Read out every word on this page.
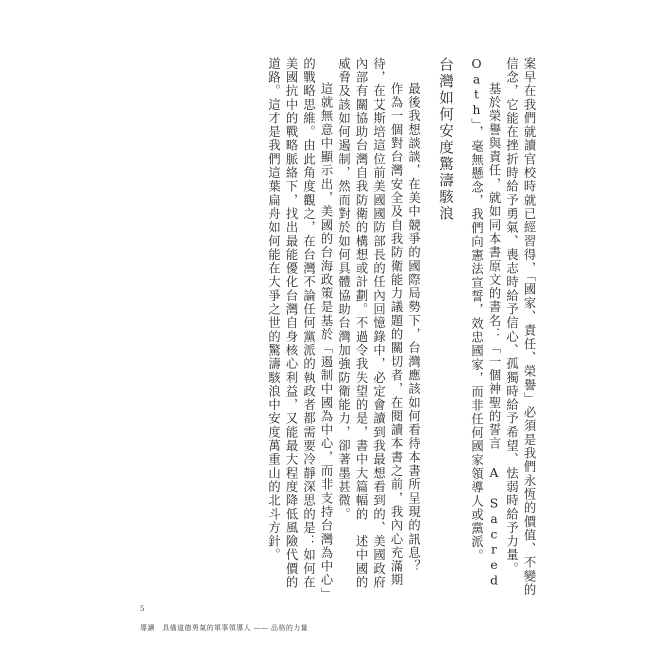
案早在我們就讀官校時就已經習得，「國家、責任、榮譽」必須是我們永恆的價值、不變的信念，它能在挫折時給予勇氣、喪志時給予信心、孤獨時給予希望、怯弱時給予力量。

基於榮譽與責任，就如同本書原文的書名：「一個神聖的誓言 A Sacred Oath」，毫無懸念，我們向憲法宣誓，效忠國家，而非任何國家領導人或黨派。

台灣如何安度驚濤駭浪

最後我想談談，在美中競爭的國際局勢下，台灣應該如何看待本書所呈現的訊息？

作為一個對台灣安全及自我防衛能力議題的關切者，在閱讀本書之前，我內心充滿期待，在艾斯培這位前美國國防部長的任內回憶錄中，必定會讀到我最想看到的、美國政府內部有關協助台灣自我防衛的構想或計劃。不過令我失望的是，書中大篇幅的　述中國的威脅及該如何遏制，然而對於如何具體協助台灣加強防衛能力，卻著墨甚微。

這就無意中顯示出，美國的台海政策是基於「遏制中國為中心，而非支持台灣為中心」的戰略思維。由此角度觀之，在台灣不論任何黨派的執政者都需要冷靜深思的是：如何在美國抗中的戰略脈絡下，找出最能優化台灣自身核心利益，又能最大程度降低風險代價的道路。這才是我們這葉扁舟如何能在大爭之世的驚濤駭浪中安度萬重山的北斗方針。

5
導讀　具備道德勇氣的軍事領導人 —— 品格的力量
